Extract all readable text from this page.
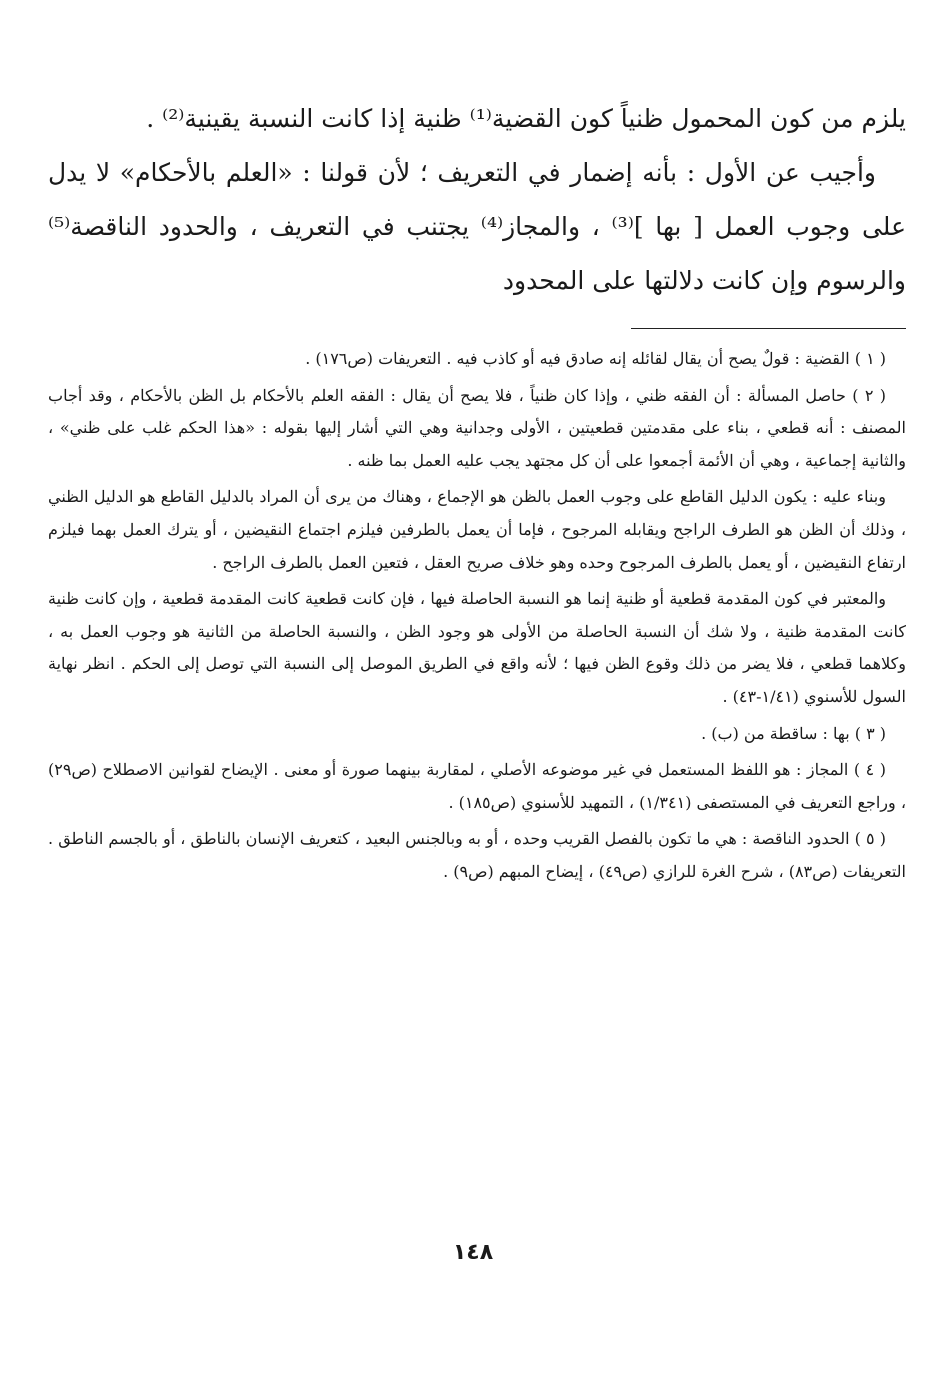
يلزم من كون المحمول ظنياً كون القضية⁽¹⁾ ظنية إذا كانت النسبة يقينية⁽²⁾ .

وأجيب عن الأول : بأنه إضمار في التعريف ؛ لأن قولنا : «العلم بالأحكام» لا يدل على وجوب العمل [ بها ]⁽³⁾ ، والمجاز⁽⁴⁾ يجتنب في التعريف ، والحدود الناقصة⁽⁵⁾ والرسوم وإن كانت دلالتها على المحدود

( ١ ) القضية : قولٌ يصح أن يقال لقائله إنه صادق فيه أو كاذب فيه . التعريفات (ص١٧٦) .

( ٢ ) حاصل المسألة : أن الفقه ظني ، وإذا كان ظنياً ، فلا يصح أن يقال : الفقه العلم بالأحكام بل الظن بالأحكام ، وقد أجاب المصنف : أنه قطعي ، بناء على مقدمتين قطعيتين ، الأولى وجدانية وهي التي أشار إليها بقوله : «هذا الحكم غلب على ظني» ، والثانية إجماعية ، وهي أن الأئمة أجمعوا على أن كل مجتهد يجب عليه العمل بما ظنه .

وبناء عليه : يكون الدليل القاطع على وجوب العمل بالظن هو الإجماع ، وهناك من يرى أن المراد بالدليل القاطع هو الدليل الظني ، وذلك أن الظن هو الطرف الراجح ويقابله المرجوح ، فإما أن يعمل بالطرفين فيلزم اجتماع النقيضين ، أو يترك العمل بهما فيلزم ارتفاع النقيضين ، أو يعمل بالطرف المرجوح وحده وهو خلاف صريح العقل ، فتعين العمل بالطرف الراجح .

والمعتبر في كون المقدمة قطعية أو ظنية إنما هو النسبة الحاصلة فيها ، فإن كانت قطعية كانت المقدمة قطعية ، وإن كانت ظنية كانت المقدمة ظنية ، ولا شك أن النسبة الحاصلة من الأولى هو وجود الظن ، والنسبة الحاصلة من الثانية هو وجوب العمل به ، وكلاهما قطعي ، فلا يضر من ذلك وقوع الظن فيها ؛ لأنه واقع في الطريق الموصل إلى النسبة التي توصل إلى الحكم . انظر نهاية السول للأسنوي (١/٤١-٤٣) .

( ٣ ) بها : ساقطة من (ب) .

( ٤ ) المجاز : هو اللفظ المستعمل في غير موضوعه الأصلي ، لمقاربة بينهما صورة أو معنى . الإيضاح لقوانين الاصطلاح (ص٢٩) ، وراجع التعريف في المستصفى (١/٣٤١) ، التمهيد للأسنوي (ص١٨٥) .

( ٥ ) الحدود الناقصة : هي ما تكون بالفصل القريب وحده ، أو به وبالجنس البعيد ، كتعريف الإنسان بالناطق ، أو بالجسم الناطق . التعريفات (ص٨٣) ، شرح الغرة للرازي (ص٤٩) ، إيضاح المبهم (ص٩) .

١٤٨
